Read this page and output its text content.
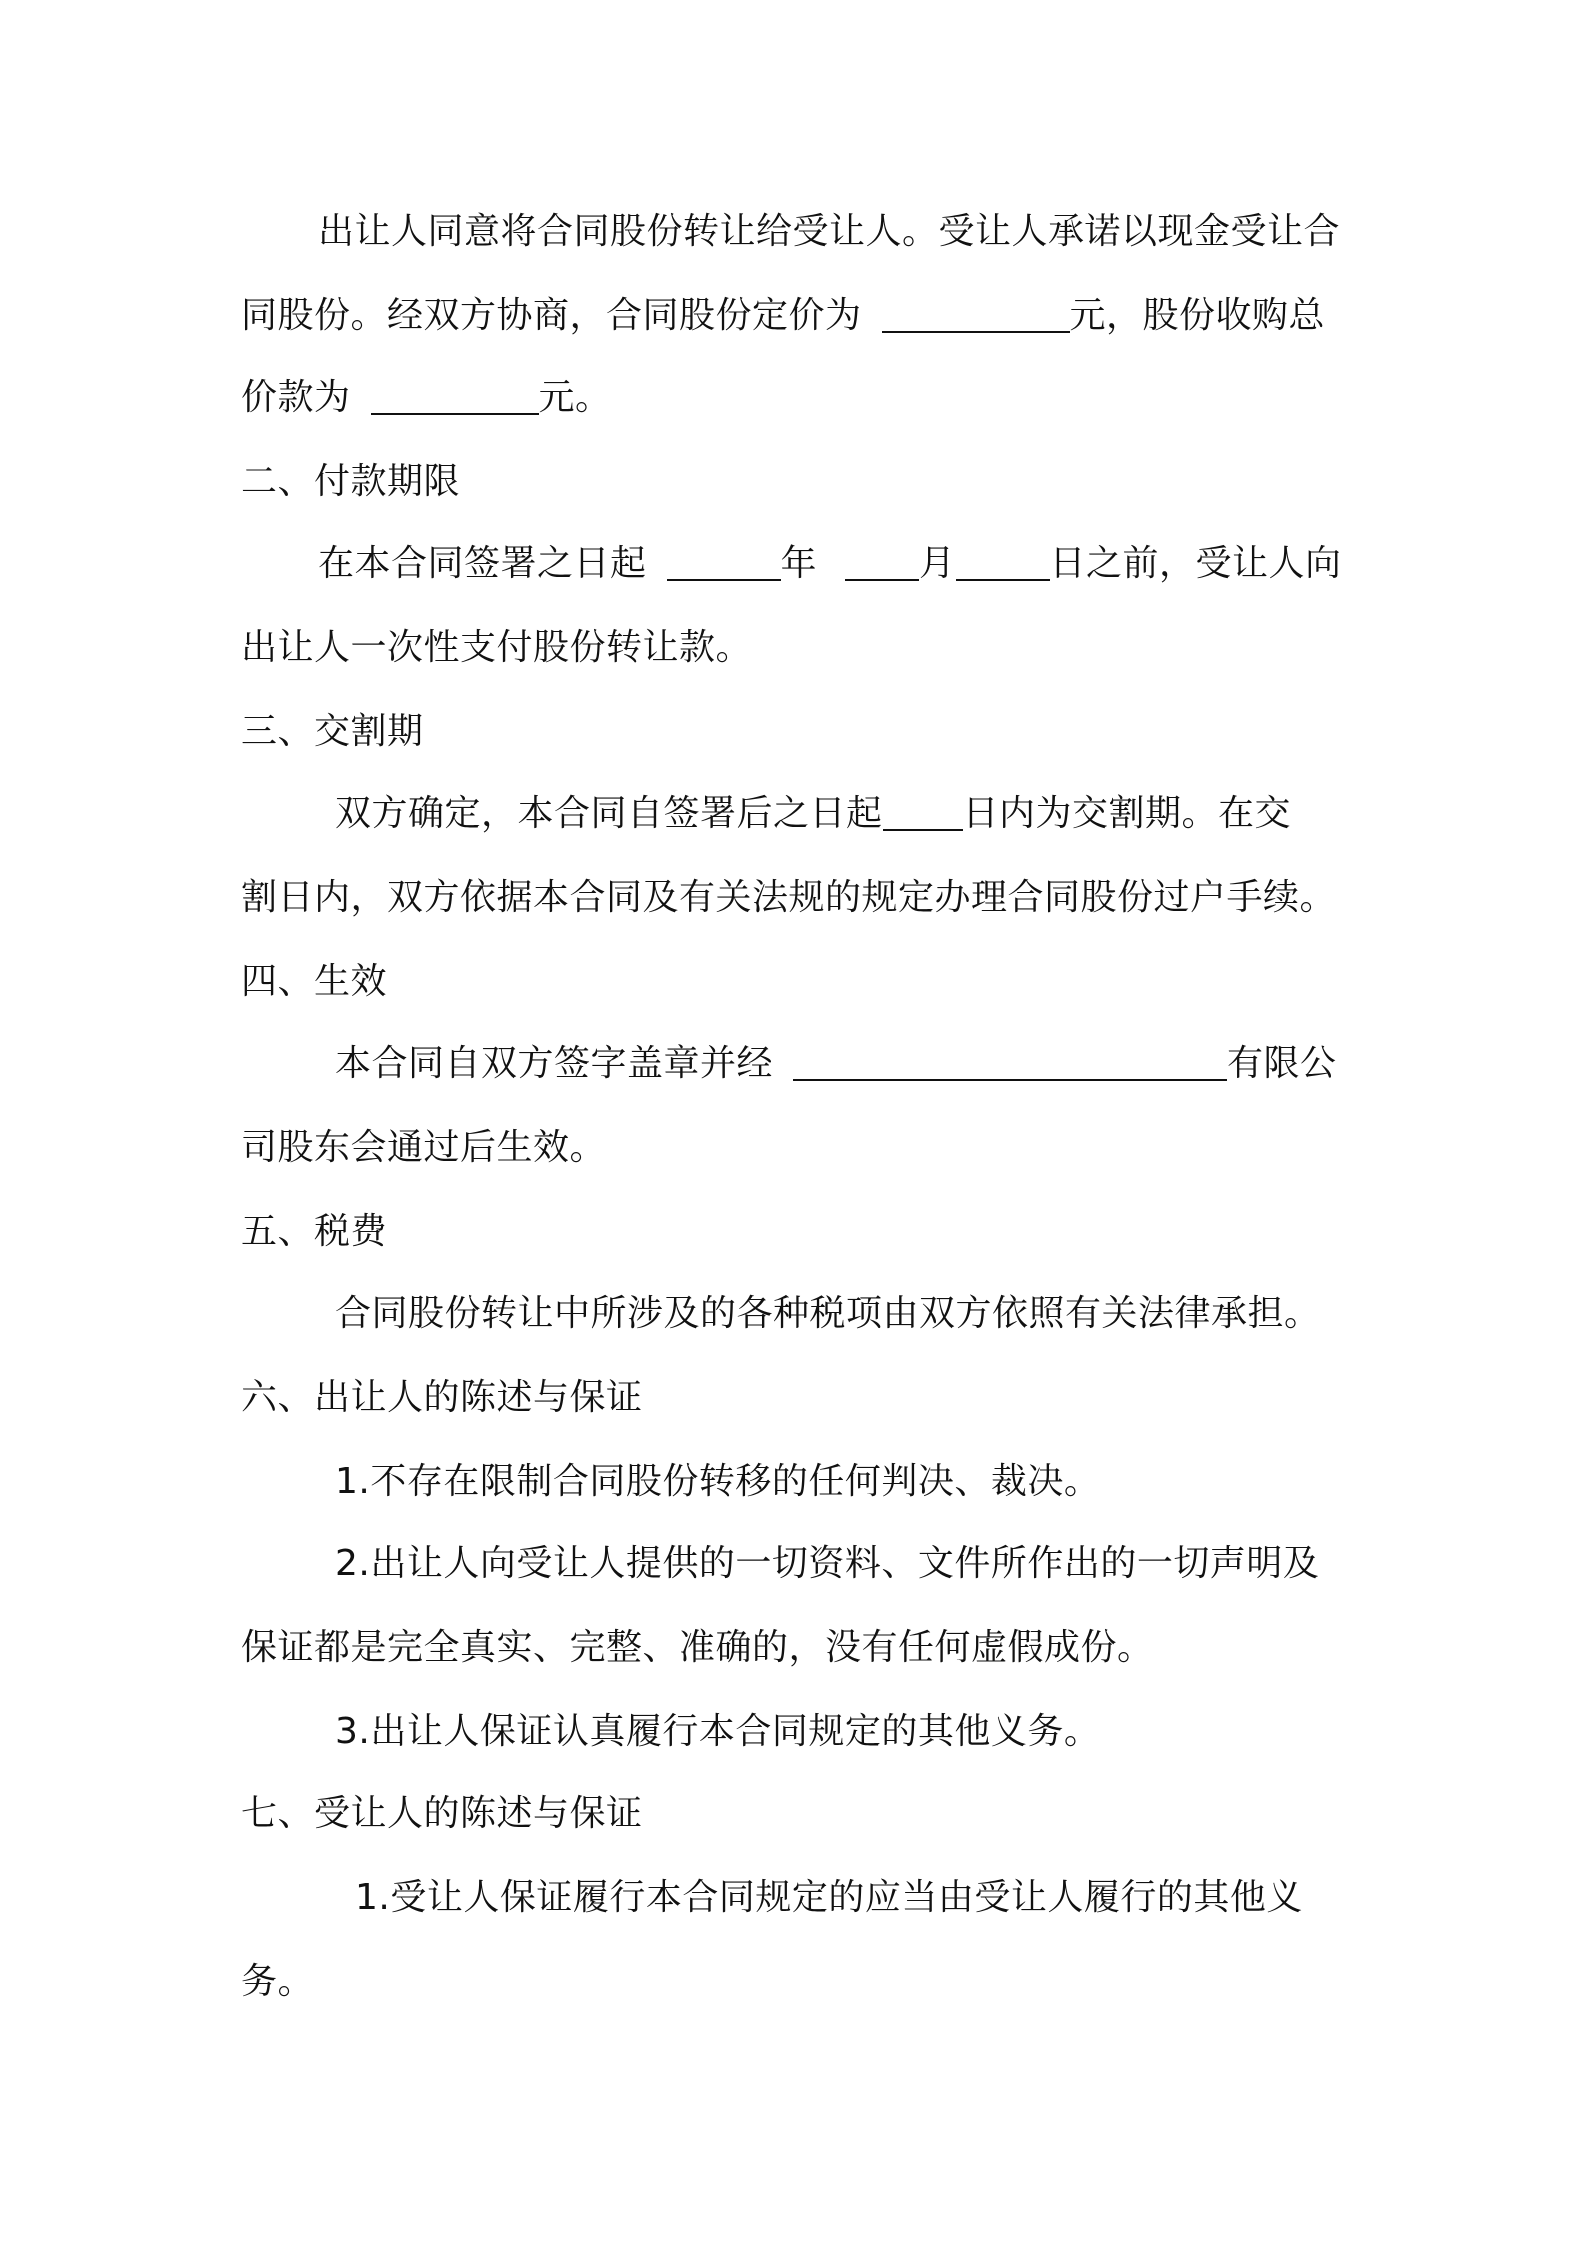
出让人同意将合同股份转让给受让人。受让人承诺以现金受让合
同股份。经双方协商，合同股份定价为	元，股份收购总
价款为	元。
二、付款期限
在本合同签署之日起	年	月	日之前，受让人向
出让人一次性支付股份转让款。
三、交割期
双方确定，本合同自签署后之日起 日内为交割期。在交
割日内，双方依据本合同及有关法规的规定办理合同股份过户手续。
四、生效
本合同自双方签字盖章并经	有限公
司股东会通过后生效。
五、税费
合同股份转让中所涉及的各种税项由双方依照有关法律承担。
六、出让人的陈述与保证
1.不存在限制合同股份转移的任何判决、裁决。
2.出让人向受让人提供的一切资料、文件所作出的一切声明及
保证都是完全真实、完整、准确的，没有任何虚假成份。
3.出让人保证认真履行本合同规定的其他义务。
七、受让人的陈述与保证
1.受让人保证履行本合同规定的应当由受让人履行的其他义
务。
